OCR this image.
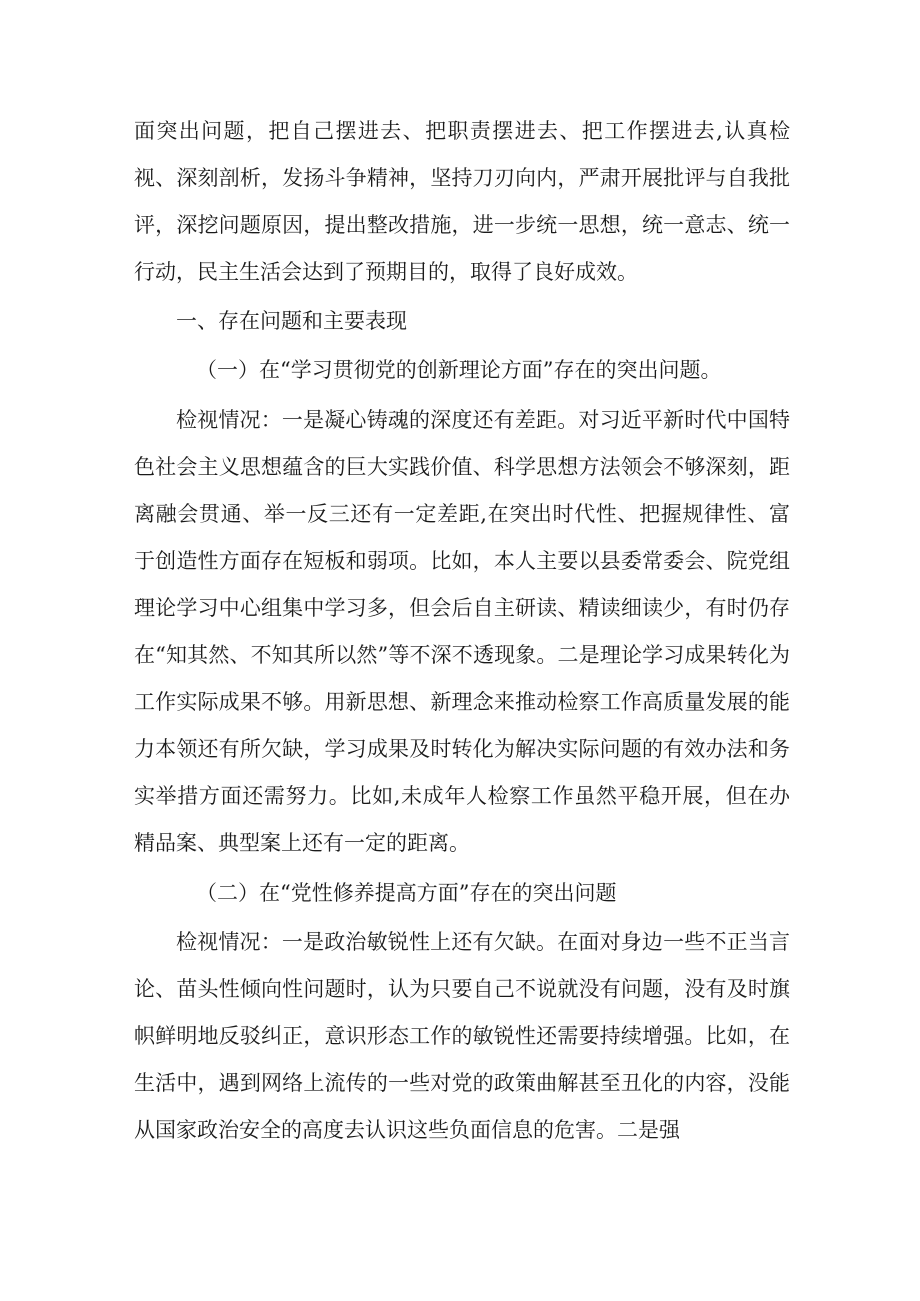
面突出问题，把自己摆进去、把职责摆进去、把工作摆进去,认真检视、深刻剖析，发扬斗争精神，坚持刀刃向内，严肃开展批评与自我批评，深挖问题原因，提出整改措施，进一步统一思想，统一意志、统一行动，民主生活会达到了预期目的，取得了良好成效。

一、存在问题和主要表现

（一）在“学习贯彻党的创新理论方面”存在的突出问题。

检视情况：一是凝心铸魂的深度还有差距。对习近平新时代中国特色社会主义思想蕴含的巨大实践价值、科学思想方法领会不够深刻，距离融会贯通、举一反三还有一定差距,在突出时代性、把握规律性、富于创造性方面存在短板和弱项。比如，本人主要以县委常委会、院党组理论学习中心组集中学习多，但会后自主研读、精读细读少，有时仍存在“知其然、不知其所以然”等不深不透现象。二是理论学习成果转化为工作实际成果不够。用新思想、新理念来推动检察工作高质量发展的能力本领还有所欠缺，学习成果及时转化为解决实际问题的有效办法和务实举措方面还需努力。比如,未成年人检察工作虽然平稳开展，但在办精品案、典型案上还有一定的距离。

（二）在“党性修养提高方面”存在的突出问题

检视情况：一是政治敏锐性上还有欠缺。在面对身边一些不正当言论、苗头性倾向性问题时，认为只要自己不说就没有问题，没有及时旗帜鲜明地反驳纠正，意识形态工作的敏锐性还需要持续增强。比如，在生活中，遇到网络上流传的一些对党的政策曲解甚至丑化的内容，没能从国家政治安全的高度去认识这些负面信息的危害。二是强
